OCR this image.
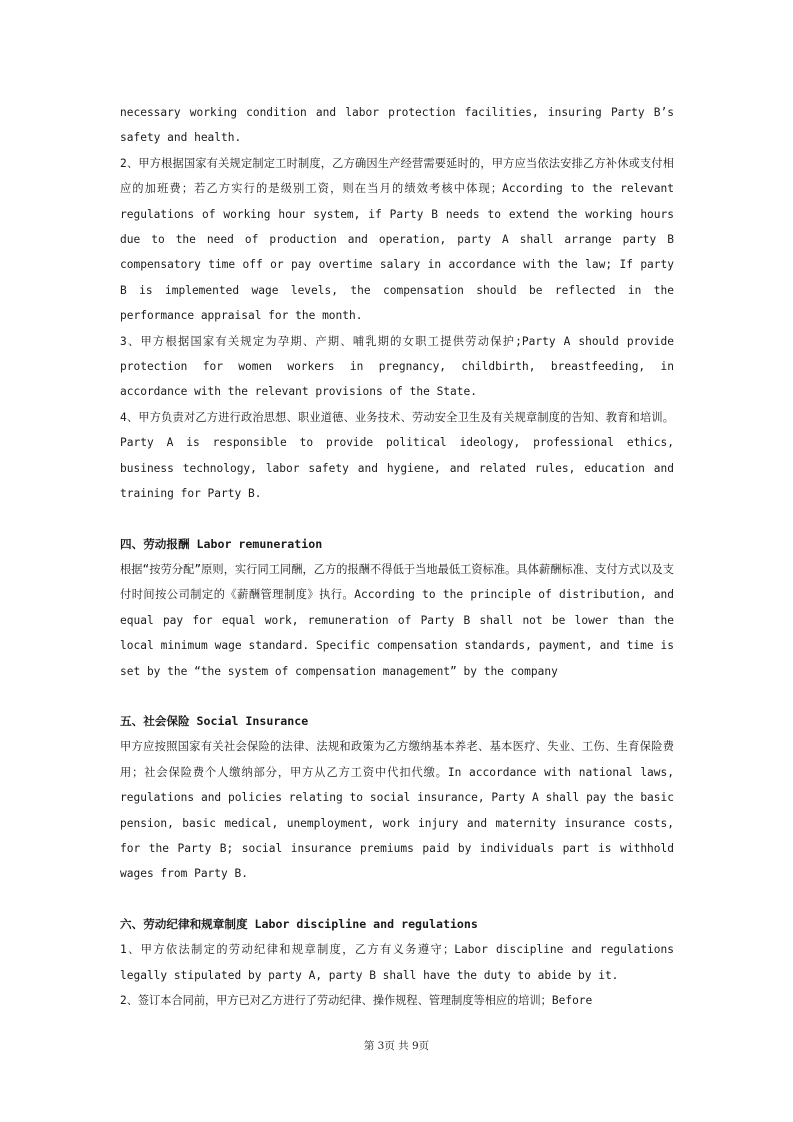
necessary working condition and labor protection facilities, insuring Party B’s safety and health.

2、甲方根据国家有关规定制定工时制度，乙方确因生产经营需要延时的，甲方应当依法安排乙方补休或支付相应的加班费；若乙方实行的是级别工资，则在当月的绩效考核中体现；According to the relevant regulations of working hour system, if Party B needs to extend the working hours due to the need of production and operation, party A shall arrange party B compensatory time off or pay overtime salary in accordance with the law; If party B is implemented wage levels, the compensation should be reflected in the performance appraisal for the month.

3、甲方根据国家有关规定为孕期、产期、哺乳期的女职工提供劳动保护;Party A should provide protection for women workers in pregnancy, childbirth, breastfeeding, in accordance with the relevant provisions of the State.

4、甲方负责对乙方进行政治思想、职业道德、业务技术、劳动安全卫生及有关规章制度的告知、教育和培训。Party A is responsible to provide political ideology, professional ethics, business technology, labor safety and hygiene, and related rules, education and training for Party B.

四、劳动报酬 Labor remuneration

根据“按劳分配”原则，实行同工同酬，乙方的报酬不得低于当地最低工资标准。具体薪酬标准、支付方式以及支付时间按公司制定的《薪酬管理制度》执行。According to the principle of distribution, and equal pay for equal work, remuneration of Party B shall not be lower than the local minimum wage standard. Specific compensation standards, payment, and time is set by the “the system of compensation management” by the company

五、社会保险 Social Insurance

甲方应按照国家有关社会保险的法律、法规和政策为乙方缴纳基本养老、基本医疗、失业、工伤、生育保险费用；社会保险费个人缴纳部分，甲方从乙方工资中代扣代缴。In accordance with national laws, regulations and policies relating to social insurance, Party A shall pay the basic pension, basic medical, unemployment, work injury and maternity insurance costs, for the Party B; social insurance premiums paid by individuals part is withhold wages from Party B.

六、劳动纪律和规章制度 Labor discipline and regulations

1、甲方依法制定的劳动纪律和规章制度，乙方有义务遵守；Labor discipline and regulations legally stipulated by party A, party B shall have the duty to abide by it.

2、签订本合同前，甲方已对乙方进行了劳动纪律、操作规程、管理制度等相应的培训；Before

第 3页 共 9页
